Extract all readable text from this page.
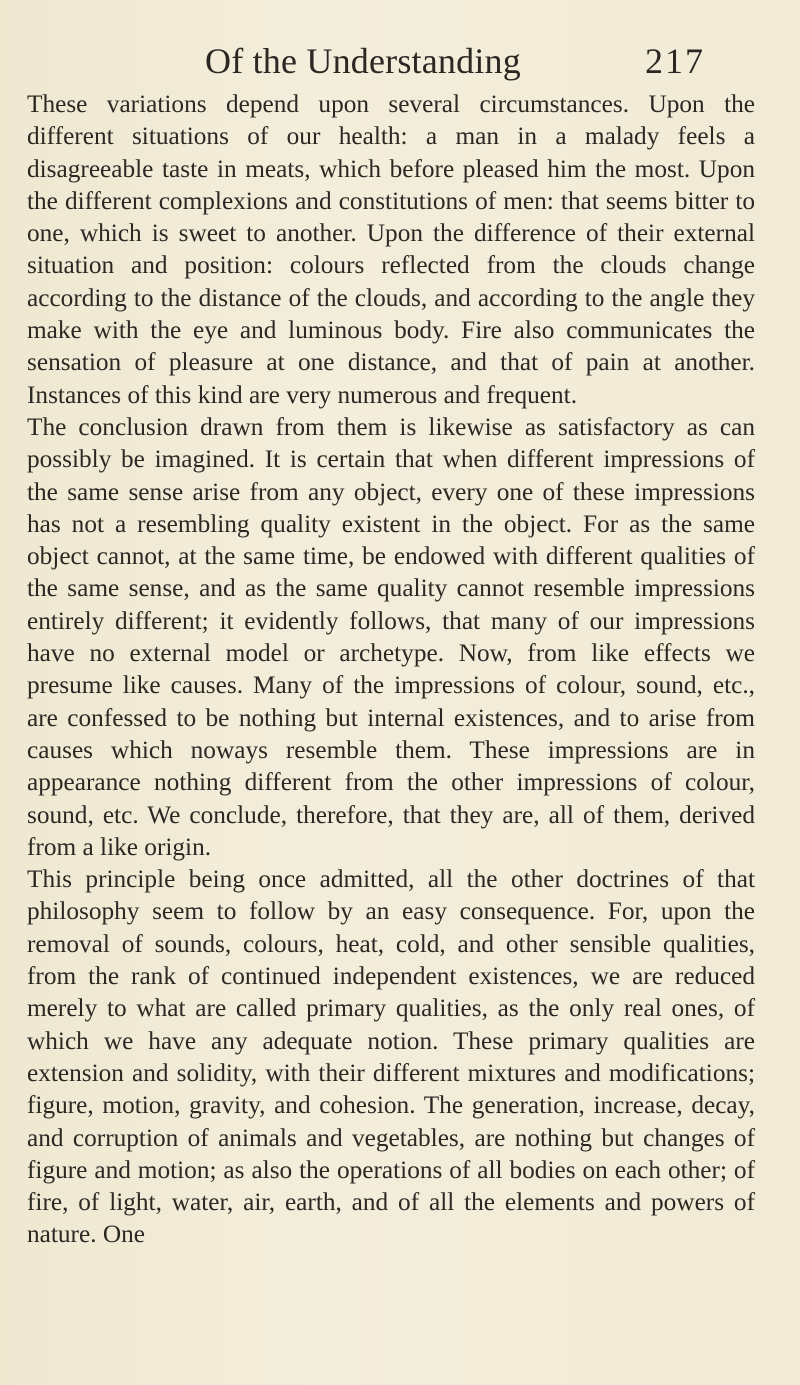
Of the Understanding	217

These variations depend upon several circumstances. Upon the different situations of our health: a man in a malady feels a disagreeable taste in meats, which before pleased him the most. Upon the different complexions and constitutions of men: that seems bitter to one, which is sweet to another. Upon the difference of their external situation and position: colours reflected from the clouds change according to the distance of the clouds, and according to the angle they make with the eye and luminous body. Fire also communicates the sensation of pleasure at one distance, and that of pain at another. Instances of this kind are very numerous and frequent.

The conclusion drawn from them is likewise as satisfactory as can possibly be imagined. It is certain that when different impressions of the same sense arise from any object, every one of these impressions has not a resembling quality existent in the object. For as the same object cannot, at the same time, be endowed with different qualities of the same sense, and as the same quality cannot resemble impressions entirely different; it evidently follows, that many of our impressions have no external model or archetype. Now, from like effects we presume like causes. Many of the impressions of colour, sound, etc., are confessed to be nothing but internal existences, and to arise from causes which noways resemble them. These impressions are in appearance nothing different from the other impressions of colour, sound, etc. We conclude, therefore, that they are, all of them, derived from a like origin.

This principle being once admitted, all the other doctrines of that philosophy seem to follow by an easy consequence. For, upon the removal of sounds, colours, heat, cold, and other sensible qualities, from the rank of continued independent existences, we are reduced merely to what are called primary qualities, as the only real ones, of which we have any adequate notion. These primary qualities are extension and solidity, with their different mixtures and modifications; figure, motion, gravity, and cohesion. The generation, increase, decay, and corruption of animals and vegetables, are nothing but changes of figure and motion; as also the operations of all bodies on each other; of fire, of light, water, air, earth, and of all the elements and powers of nature. One
